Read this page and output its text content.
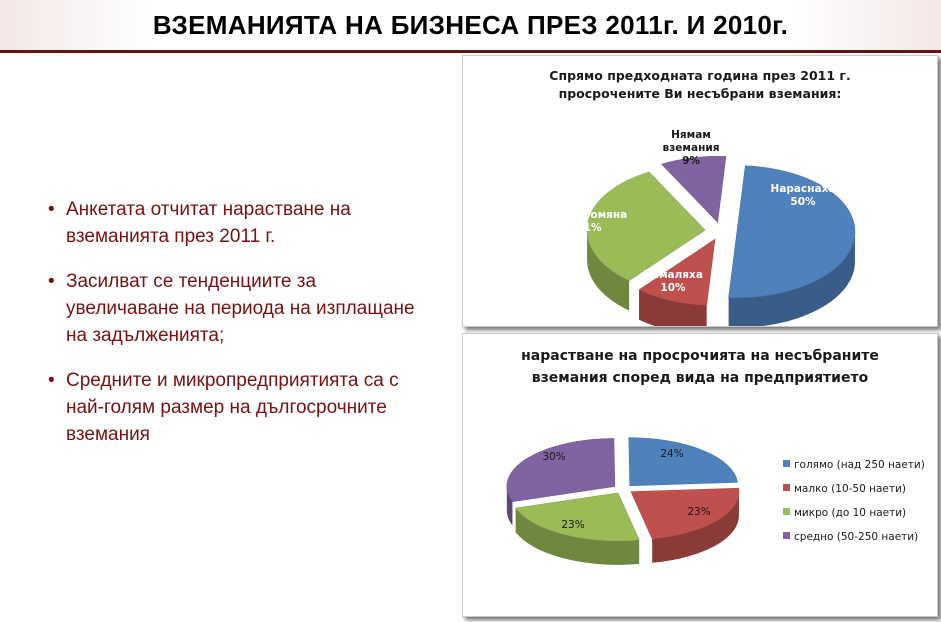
ВЗЕМАНИЯТА НА БИЗНЕСА ПРЕЗ 2011г. И 2010г.
• Анкетата отчитат нарастване на
вземанията през 2011 г.
• Засилват се тенденциите за
увеличаване на периода на изплащане
на задълженията;
• Средните и микропредприятията са с
най-голям размер на дългосрочните
вземания
Спрямо предходната година през 2011 г.
просрочените Ви несъбрани вземания:
Нараснаха 50%
Намаляха 10%
Без промяна 31%
Нямам вземания 9%
нарастване на просрочията на несъбраните
вземания според вида на предприятието
24%
23%
23%
30%
голямо (над 250 наети)
малко (10-50 наети)
микро (до 10 наети)
средно (50-250 наети)
